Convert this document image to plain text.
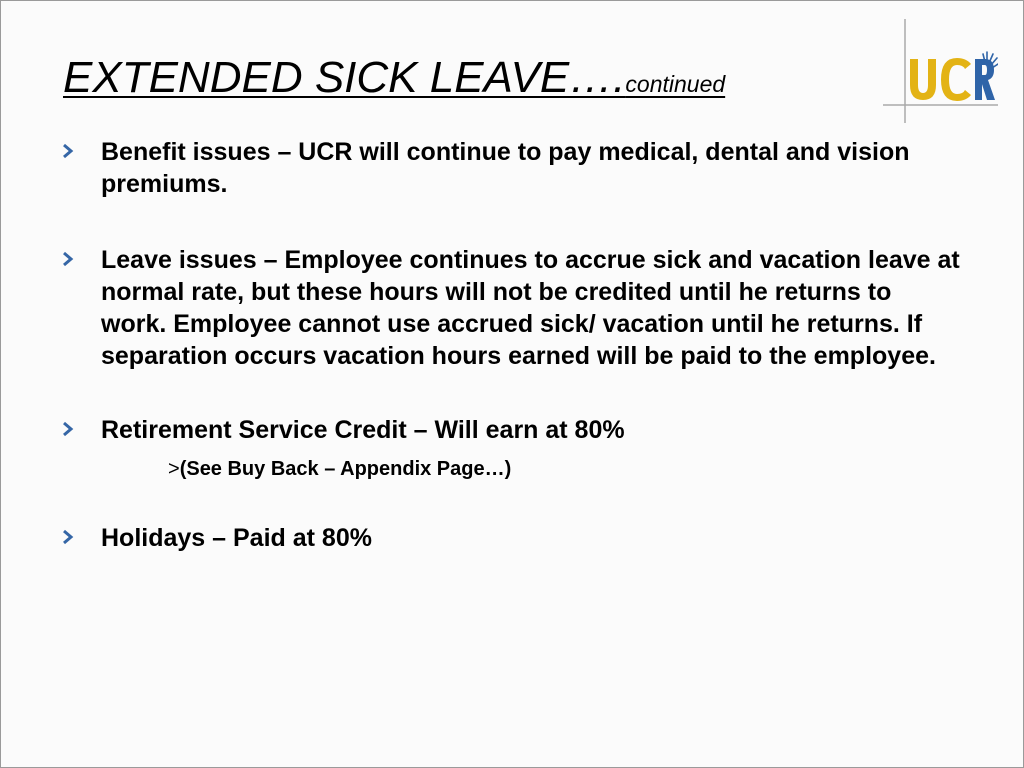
EXTENDED SICK LEAVE….continued
Benefit issues – UCR will continue to pay medical, dental and vision premiums.
Leave issues – Employee continues to accrue sick and vacation leave at normal rate, but these hours will not be credited until he returns to work. Employee cannot use accrued sick/ vacation until he returns. If separation occurs vacation hours earned will be paid to the employee.
Retirement Service Credit – Will earn at 80%
>(See Buy Back – Appendix Page…)
Holidays – Paid at 80%
